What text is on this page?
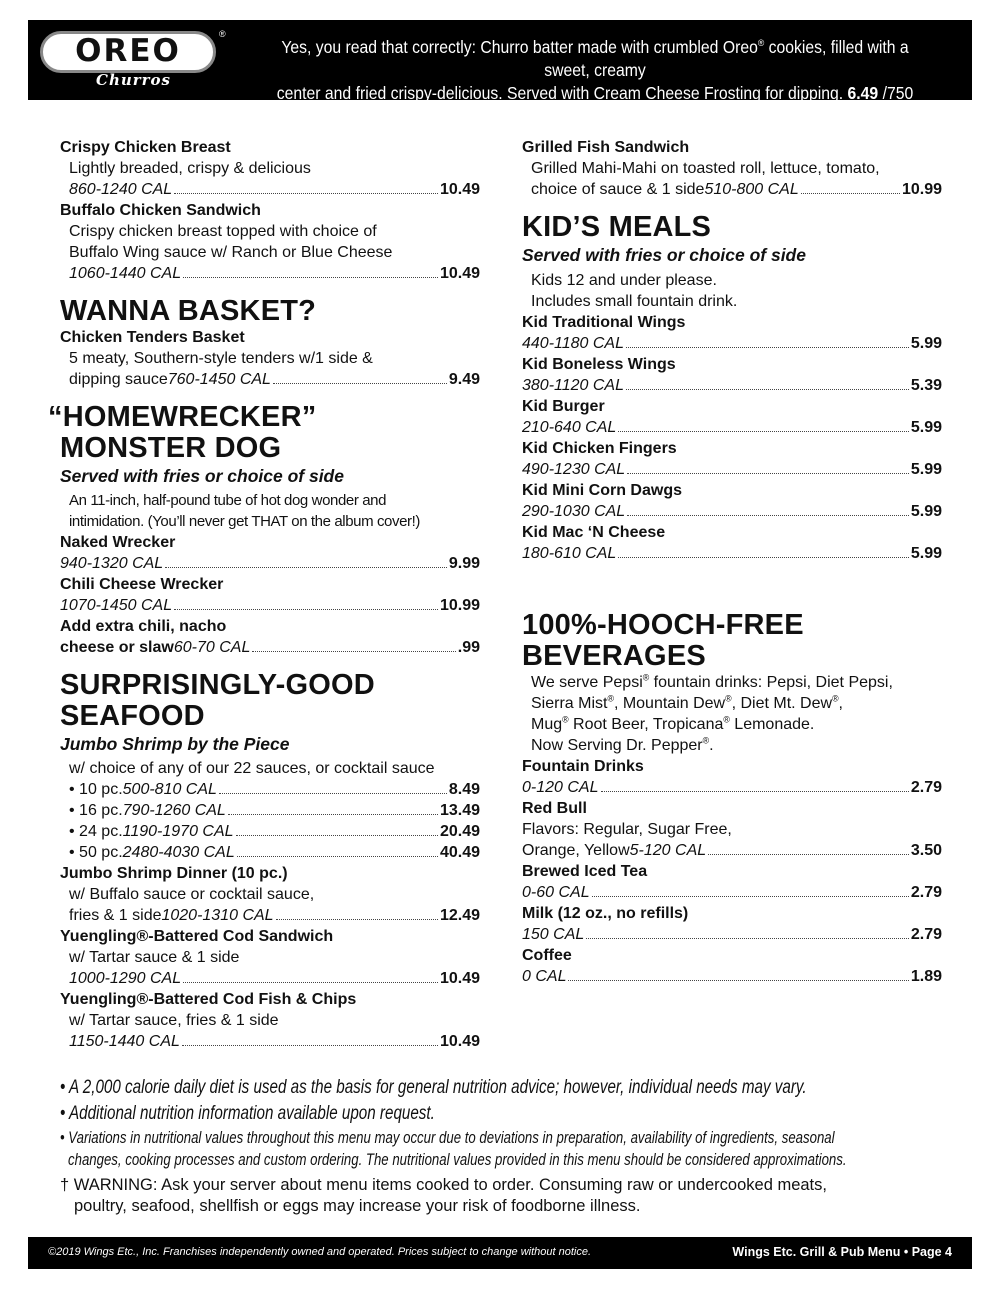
OREO	®
Churros
Yes, you read that correctly: Churro batter made with crumbled Oreo® cookies, filled with a sweet, creamy
center and fried crispy-delicious. Served with Cream Cheese Frosting for dipping. 6.49 /750 CAL
Crispy Chicken Breast
Lightly breaded, crispy & delicious
860-1240 CAL	10.49
Buffalo Chicken Sandwich
Crispy chicken breast topped with choice of
Buffalo Wing sauce w/ Ranch or Blue Cheese
1060-1440 CAL	10.49
WANNA BASKET?
Chicken Tenders Basket
5 meaty, Southern-style tenders w/1 side &
dipping sauce 760-1450 CAL	9.49
“HOMEWRECKER”
MONSTER DOG
Served with fries or choice of side
An 11-inch, half-pound tube of hot dog wonder and
intimidation. (You’ll never get THAT on the album cover!)
Naked Wrecker
940-1320 CAL	9.99
Chili Cheese Wrecker
1070-1450 CAL	10.99
Add extra chili, nacho
cheese or slaw 60-70 CAL	.99
SURPRISINGLY-GOOD
SEAFOOD
Jumbo Shrimp by the Piece
w/ choice of any of our 22 sauces, or cocktail sauce
• 10 pc. 500-810 CAL	8.49
• 16 pc. 790-1260 CAL	13.49
• 24 pc. 1190-1970 CAL	20.49
• 50 pc. 2480-4030 CAL	40.49
Jumbo Shrimp Dinner (10 pc.)
w/ Buffalo sauce or cocktail sauce,
fries & 1 side 1020-1310 CAL	12.49
Yuengling®-Battered Cod Sandwich
w/ Tartar sauce & 1 side
1000-1290 CAL	10.49
Yuengling®-Battered Cod Fish & Chips
w/ Tartar sauce, fries & 1 side
1150-1440 CAL	10.49
Grilled Fish Sandwich
Grilled Mahi-Mahi on toasted roll, lettuce, tomato,
choice of sauce & 1 side 510-800 CAL	10.99
KID’S MEALS
Served with fries or choice of side
Kids 12 and under please.
Includes small fountain drink.
Kid Traditional Wings
440-1180 CAL	5.99
Kid Boneless Wings
380-1120 CAL	5.39
Kid Burger
210-640 CAL	5.99
Kid Chicken Fingers
490-1230 CAL	5.99
Kid Mini Corn Dawgs
290-1030 CAL	5.99
Kid Mac ‘N Cheese
180-610 CAL	5.99
100%-HOOCH-FREE
BEVERAGES
We serve Pepsi® fountain drinks: Pepsi, Diet Pepsi,
Sierra Mist®, Mountain Dew®, Diet Mt. Dew®,
Mug® Root Beer, Tropicana® Lemonade.
Now Serving Dr. Pepper®.
Fountain Drinks
0-120 CAL	2.79
Red Bull
Flavors: Regular, Sugar Free,
Orange, Yellow 5-120 CAL	3.50
Brewed Iced Tea
0-60 CAL	2.79
Milk (12 oz., no refills)
150 CAL	2.79
Coffee
0 CAL	1.89
• A 2,000 calorie daily diet is used as the basis for general nutrition advice; however, individual needs may vary.
• Additional nutrition information available upon request.
• Variations in nutritional values throughout this menu may occur due to deviations in preparation, availability of ingredients, seasonal
changes, cooking processes and custom ordering. The nutritional values provided in this menu should be considered approximations.
† WARNING: Ask your server about menu items cooked to order. Consuming raw or undercooked meats,
poultry, seafood, shellfish or eggs may increase your risk of foodborne illness.
©2019 Wings Etc., Inc. Franchises independently owned and operated. Prices subject to change without notice.	Wings Etc. Grill & Pub Menu • Page 4
